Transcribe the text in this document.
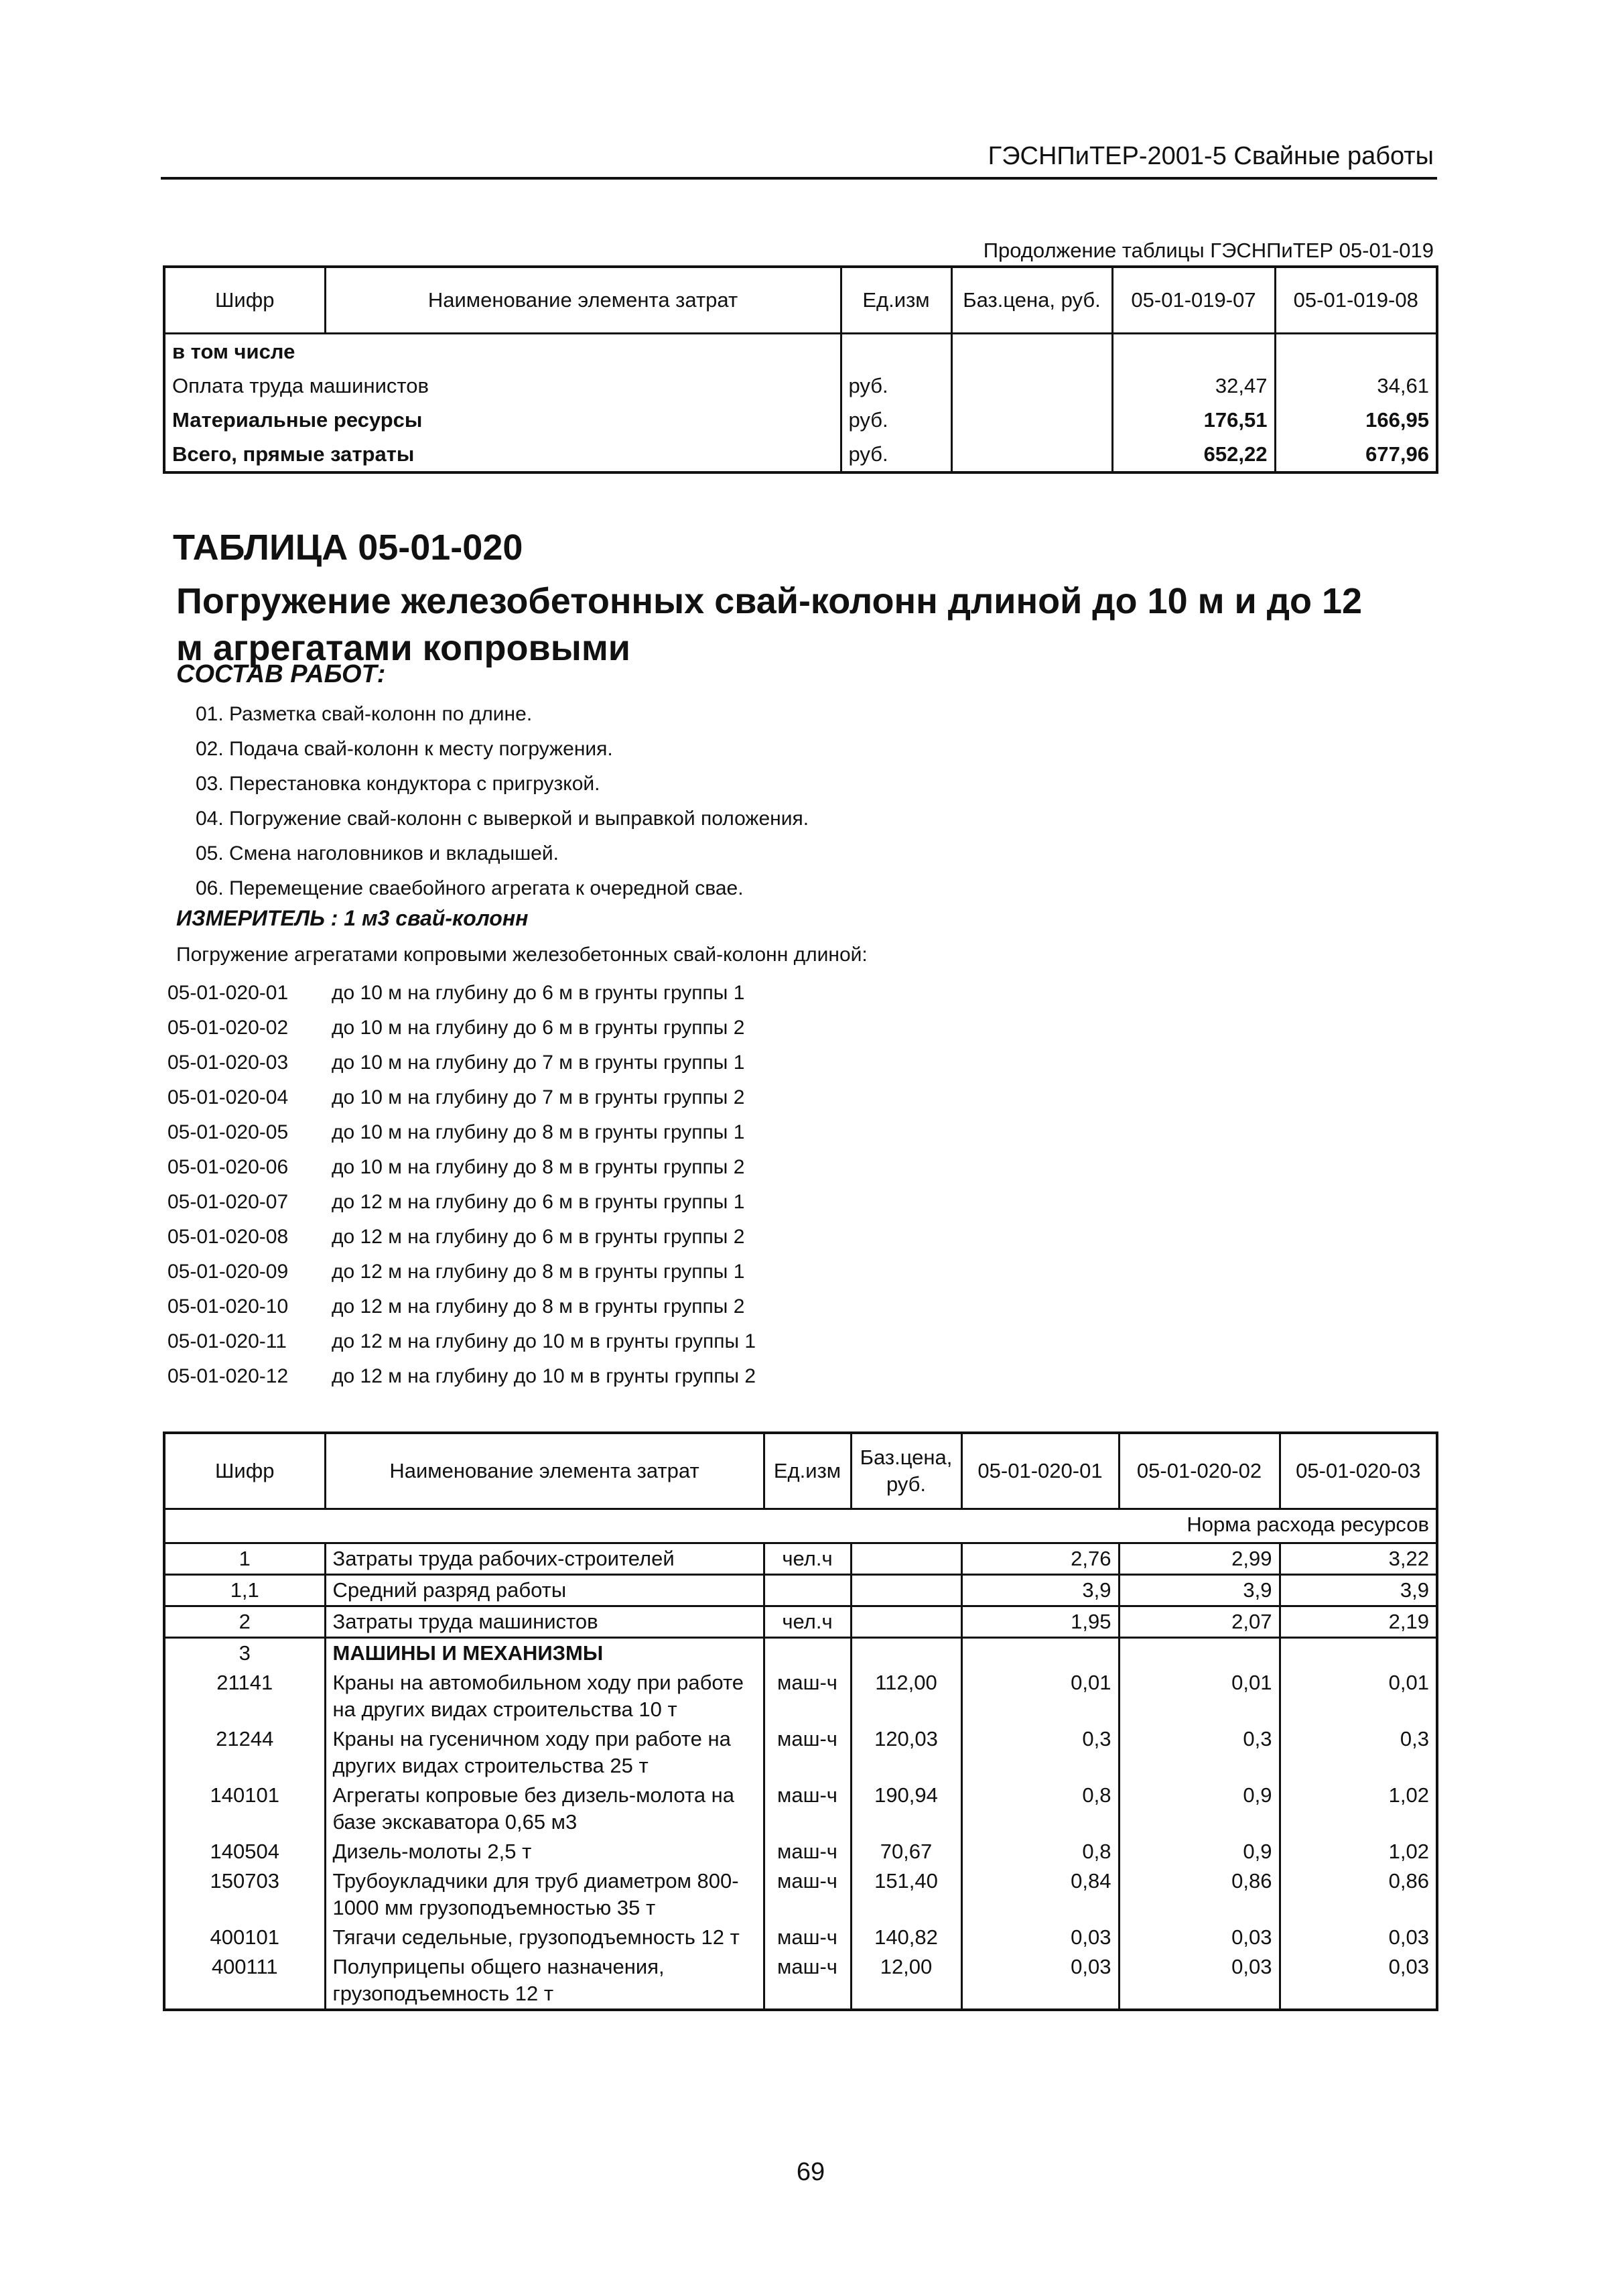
ГЭСНПиТЕР-2001-5 Свайные работы
Продолжение таблицы ГЭСНПиТЕР 05-01-019
Шифр	Наименование элемента затрат	Ед.изм	Баз.цена, руб.	05-01-019-07	05-01-019-08
в том числе					
Оплата труда машинистов		руб.		32,47	34,61
Материальные ресурсы		руб.		176,51	166,95
Всего, прямые затраты		руб.		652,22	677,96
ТАБЛИЦА 05-01-020
Погружение железобетонных свай-колонн длиной до 10 м и до 12 м агрегатами копровыми
СОСТАВ РАБОТ:
01. Разметка свай-колонн по длине.
02. Подача свай-колонн к месту погружения.
03. Перестановка кондуктора с пригрузкой.
04. Погружение свай-колонн с выверкой и выправкой положения.
05. Смена наголовников и вкладышей.
06. Перемещение сваебойного агрегата к очередной свае.
ИЗМЕРИТЕЛЬ : 1 м3 свай-колонн
Погружение агрегатами копровыми железобетонных свай-колонн длиной:
05-01-020-01 до 10 м на глубину до 6 м в грунты группы 1
05-01-020-02 до 10 м на глубину до 6 м в грунты группы 2
05-01-020-03 до 10 м на глубину до 7 м в грунты группы 1
05-01-020-04 до 10 м на глубину до 7 м в грунты группы 2
05-01-020-05 до 10 м на глубину до 8 м в грунты группы 1
05-01-020-06 до 10 м на глубину до 8 м в грунты группы 2
05-01-020-07 до 12 м на глубину до 6 м в грунты группы 1
05-01-020-08 до 12 м на глубину до 6 м в грунты группы 2
05-01-020-09 до 12 м на глубину до 8 м в грунты группы 1
05-01-020-10 до 12 м на глубину до 8 м в грунты группы 2
05-01-020-11 до 12 м на глубину до 10 м в грунты группы 1
05-01-020-12 до 12 м на глубину до 10 м в грунты группы 2
Шифр	Наименование элемента затрат	Ед.изм	Баз.цена, руб.	05-01-020-01	05-01-020-02	05-01-020-03
Норма расхода ресурсов						
1	Затраты труда рабочих-строителей	чел.ч		2,76	2,99	3,22
1,1	Средний разряд работы			3,9	3,9	3,9
2	Затраты труда машинистов	чел.ч		1,95	2,07	2,19
3	МАШИНЫ И МЕХАНИЗМЫ					
21141	Краны на автомобильном ходу при работе на других видах строительства 10 т	маш-ч	112,00	0,01	0,01	0,01
21244	Краны на гусеничном ходу при работе на других видах строительства 25 т	маш-ч	120,03	0,3	0,3	0,3
140101	Агрегаты копровые без дизель-молота на базе экскаватора 0,65 м3	маш-ч	190,94	0,8	0,9	1,02
140504	Дизель-молоты 2,5 т	маш-ч	70,67	0,8	0,9	1,02
150703	Трубоукладчики для труб диаметром 800-1000 мм грузоподъемностью 35 т	маш-ч	151,40	0,84	0,86	0,86
400101	Тягачи седельные, грузоподъемность 12 т	маш-ч	140,82	0,03	0,03	0,03
400111	Полуприцепы общего назначения, грузоподъемность 12 т	маш-ч	12,00	0,03	0,03	0,03
69
